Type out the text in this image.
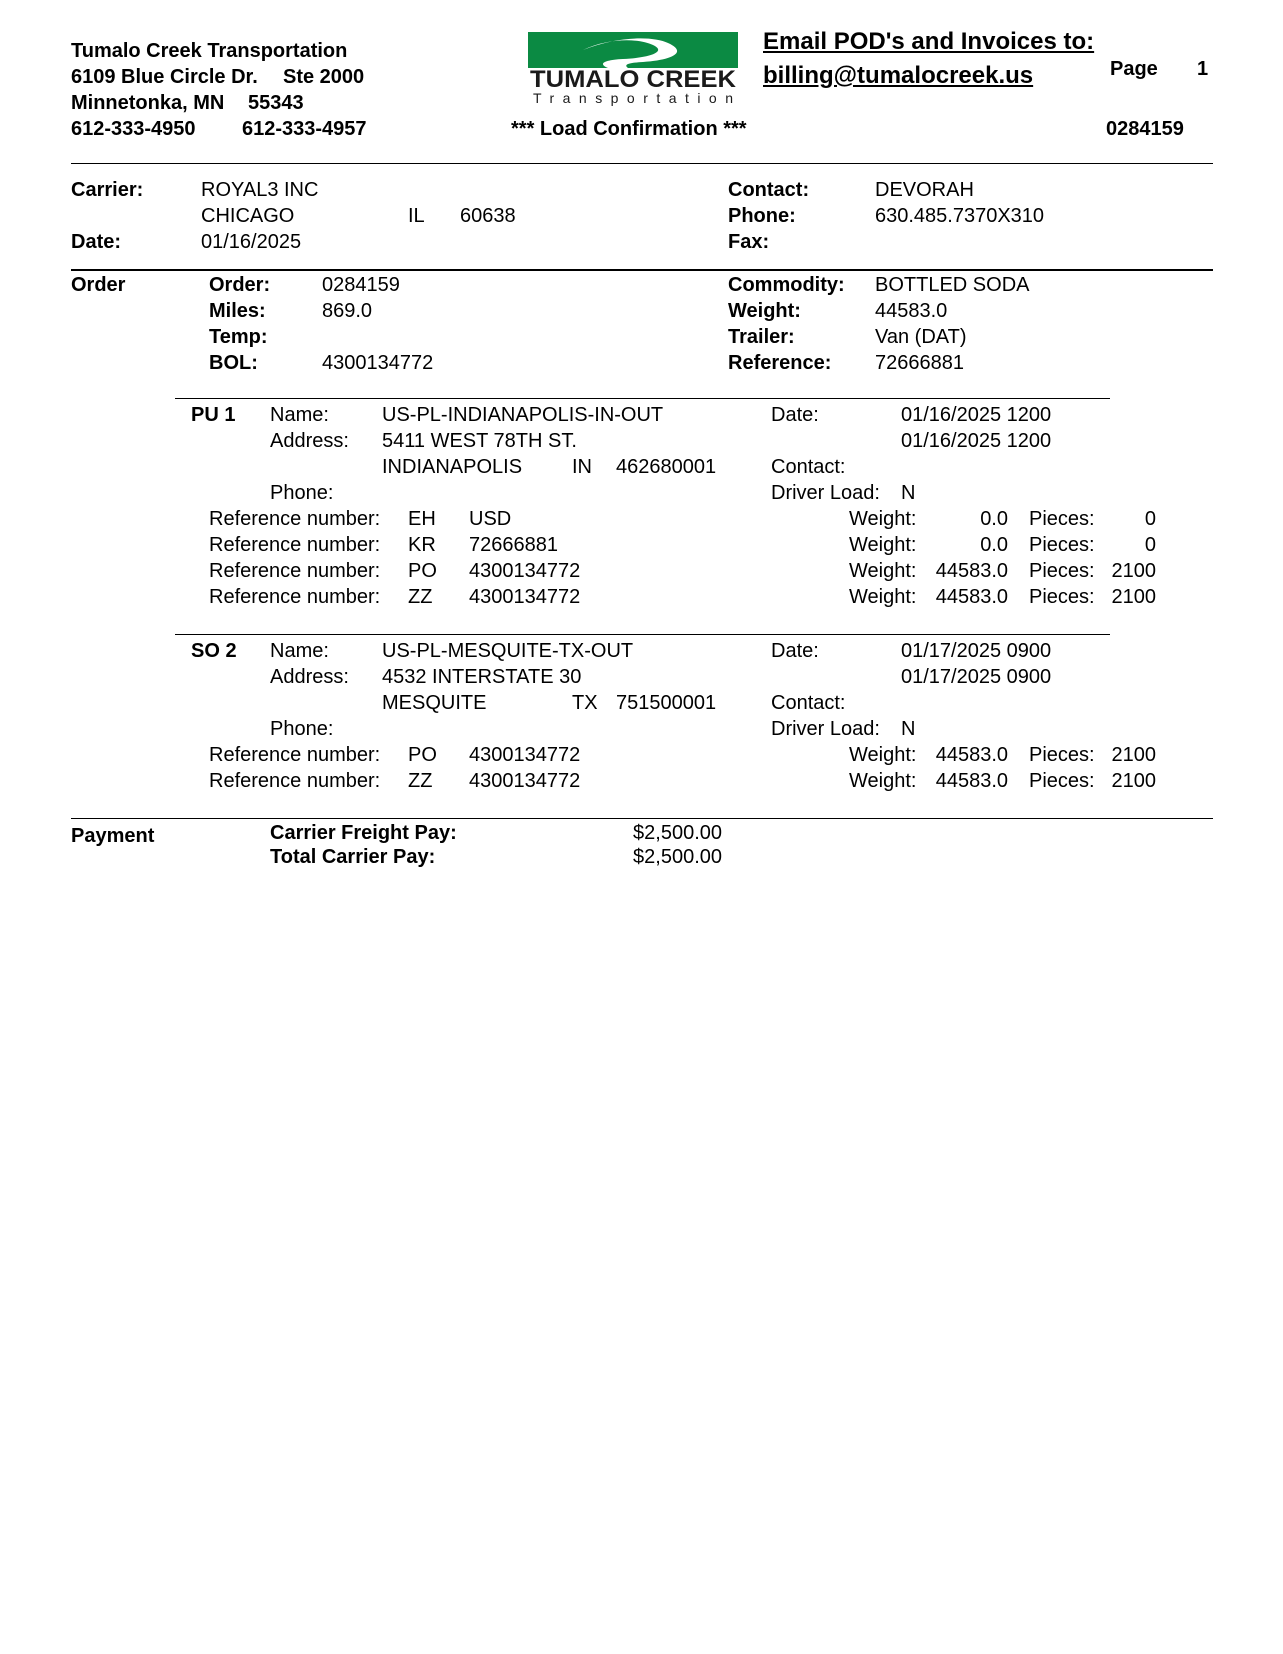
Tumalo Creek Transportation
6109 Blue Circle Dr. Ste 2000
Minnetonka, MN 55343
612-333-4950 612-333-4957
TUMALO CREEK
Transportation
Email POD's and Invoices to:
billing@tumalocreek.us	Page 1
*** Load Confirmation ***	0284159
Carrier:	ROYAL3 INC
CHICAGO	IL 60638
Date:	01/16/2025
Contact:	DEVORAH
Phone:	630.485.7370X310
Fax:
Order	Order:	0284159
Miles:	869.0
Temp:
BOL:	4300134772
Commodity: BOTTLED SODA
Weight:	44583.0
Trailer:	Van (DAT)
Reference: 72666881
PU 1 Name:	US-PL-INDIANAPOLIS-IN-OUT
Address: 5411 WEST 78TH ST.
INDIANAPOLIS IN 462680001
Phone:
Date:	01/16/2025 1200
01/16/2025 1200
Contact:
Driver Load: N
Reference number: EH USD	Weight:	0.0 Pieces:	0
Reference number: KR 72666881	Weight:	0.0 Pieces:	0
Reference number: PO 4300134772	Weight: 44583.0 Pieces: 2100
Reference number: ZZ 4300134772	Weight: 44583.0 Pieces: 2100
SO 2 Name:	US-PL-MESQUITE-TX-OUT
Address: 4532 INTERSTATE 30
MESQUITE	TX 751500001
Phone:
Date:	01/17/2025 0900
01/17/2025 0900
Contact:
Driver Load: N
Reference number: PO 4300134772	Weight: 44583.0 Pieces: 2100
Reference number: ZZ 4300134772	Weight: 44583.0 Pieces: 2100
Payment	Carrier Freight Pay:	$2,500.00
Total Carrier Pay:	$2,500.00
